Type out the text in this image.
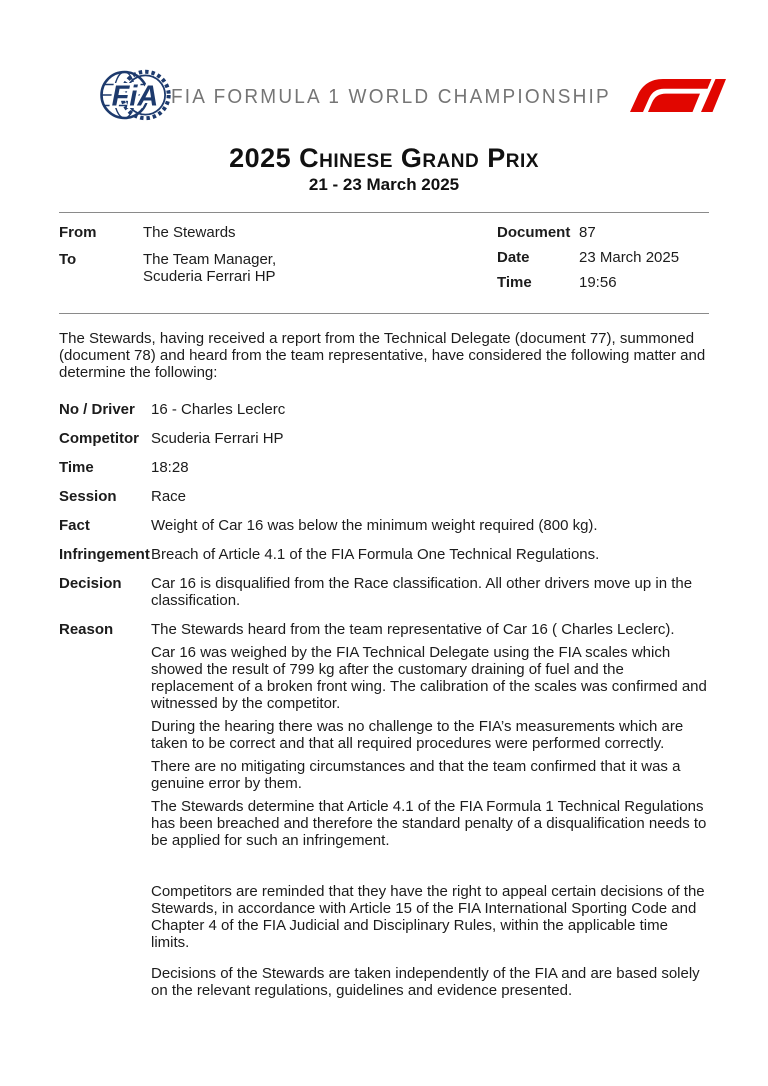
FiA FIA FORMULA 1 WORLD CHAMPIONSHIP
2025 Chinese Grand Prix
21 - 23 March 2025
From	The Stewards
To	The Team Manager,
Scuderia Ferrari HP
Document 87
Date	23 March 2025
Time	19:56

The Stewards, having received a report from the Technical Delegate (document 77), summoned (document 78) and heard from the team representative, have considered the following matter and determine the following:

No / Driver	16 - Charles Leclerc
Competitor Scuderia Ferrari HP
Time	18:28
Session	Race
Fact	Weight of Car 16 was below the minimum weight required (800 kg).
Infringement Breach of Article 4.1 of the FIA Formula One Technical Regulations.
Decision	Car 16 is disqualified from the Race classification. All other drivers move up in the classification.
Reason	The Stewards heard from the team representative of Car 16 ( Charles Leclerc).

Car 16 was weighed by the FIA Technical Delegate using the FIA scales which showed the result of 799 kg after the customary draining of fuel and the replacement of a broken front wing. The calibration of the scales was confirmed and witnessed by the competitor.

During the hearing there was no challenge to the FIA’s measurements which are taken to be correct and that all required procedures were performed correctly.

There are no mitigating circumstances and that the team confirmed that it was a genuine error by them.

The Stewards determine that Article 4.1 of the FIA Formula 1 Technical Regulations has been breached and therefore the standard penalty of a disqualification needs to be applied for such an infringement.

Competitors are reminded that they have the right to appeal certain decisions of the Stewards, in accordance with Article 15 of the FIA International Sporting Code and Chapter 4 of the FIA Judicial and Disciplinary Rules, within the applicable time limits.

Decisions of the Stewards are taken independently of the FIA and are based solely on the relevant regulations, guidelines and evidence presented.
